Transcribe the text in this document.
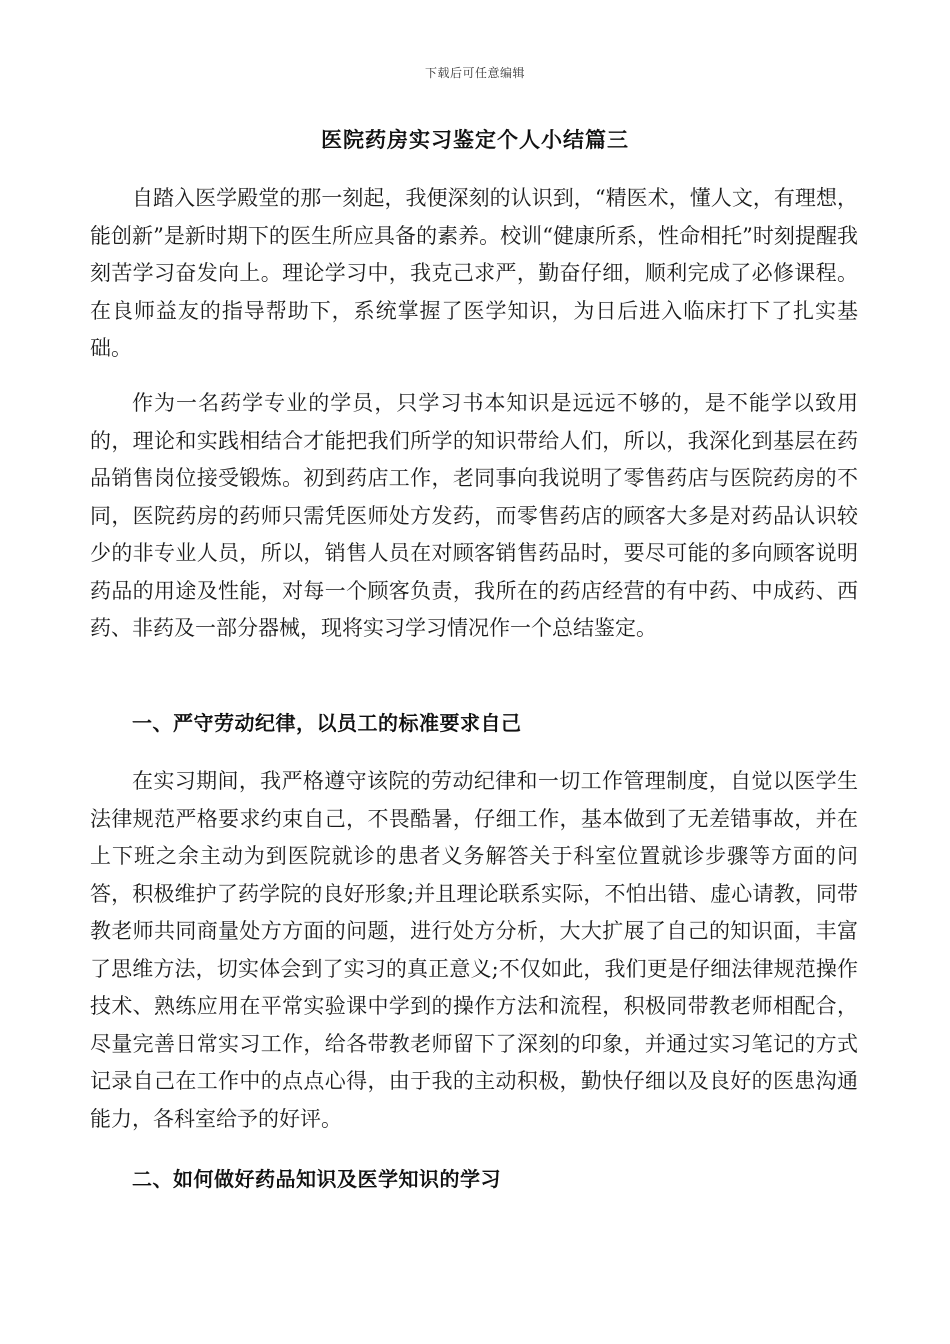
下载后可任意编辑
医院药房实习鉴定个人小结篇三

自踏入医学殿堂的那一刻起，我便深刻的认识到，“精医术，懂人文，有理想，能创新”是新时期下的医生所应具备的素养。校训“健康所系，性命相托”时刻提醒我刻苦学习奋发向上。理论学习中，我克己求严，勤奋仔细，顺利完成了必修课程。在良师益友的指导帮助下，系统掌握了医学知识，为日后进入临床打下了扎实基础。

作为一名药学专业的学员，只学习书本知识是远远不够的，是不能学以致用的，理论和实践相结合才能把我们所学的知识带给人们，所以，我深化到基层在药品销售岗位接受锻炼。初到药店工作，老同事向我说明了零售药店与医院药房的不同，医院药房的药师只需凭医师处方发药，而零售药店的顾客大多是对药品认识较少的非专业人员，所以，销售人员在对顾客销售药品时，要尽可能的多向顾客说明药品的用途及性能，对每一个顾客负责，我所在的药店经营的有中药、中成药、西药、非药及一部分器械，现将实习学习情况作一个总结鉴定。

一、严守劳动纪律，以员工的标准要求自己

在实习期间，我严格遵守该院的劳动纪律和一切工作管理制度，自觉以医学生法律规范严格要求约束自己，不畏酷暑，仔细工作，基本做到了无差错事故，并在上下班之余主动为到医院就诊的患者义务解答关于科室位置就诊步骤等方面的问答，积极维护了药学院的良好形象;并且理论联系实际，不怕出错、虚心请教，同带教老师共同商量处方方面的问题，进行处方分析，大大扩展了自己的知识面，丰富了思维方法，切实体会到了实习的真正意义;不仅如此，我们更是仔细法律规范操作技术、熟练应用在平常实验课中学到的操作方法和流程，积极同带教老师相配合，尽量完善日常实习工作，给各带教老师留下了深刻的印象，并通过实习笔记的方式记录自己在工作中的点点心得，由于我的主动积极，勤快仔细以及良好的医患沟通能力，各科室给予的好评。

二、如何做好药品知识及医学知识的学习
